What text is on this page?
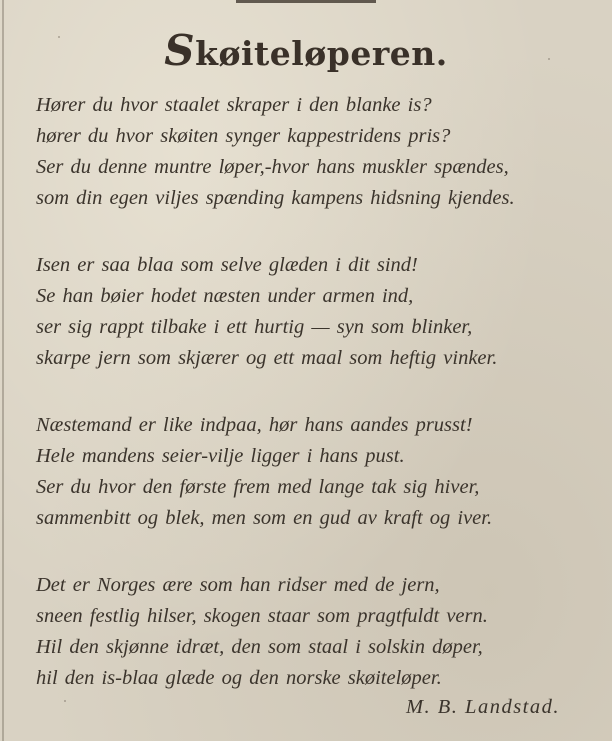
Skøiteløperen.
Hører du hvor staalet skraper i den blanke is?
hører du hvor skøiten synger kappestridens pris?
Ser du denne muntre løper,-hvor hans muskler spændes,
som din egen viljes spænding kampens hidsning kjendes.
Isen er saa blaa som selve glæden i dit sind!
Se han bøier hodet næsten under armen ind,
ser sig rappt tilbake i ett hurtig — syn som blinker,
skarpe jern som skjærer og ett maal som heftig vinker.
Næstemand er like indpaa, hør hans aandes prusst!
Hele mandens seier-vilje ligger i hans pust.
Ser du hvor den første frem med lange tak sig hiver,
sammenbitt og blek, men som en gud av kraft og iver.
Det er Norges ære som han ridser med de jern,
sneen festlig hilser, skogen staar som pragtfuldt vern.
Hil den skjønne idræt, den som staal i solskin døper,
hil den is-blaa glæde og den norske skøiteløper.
M. B. Landstad.
